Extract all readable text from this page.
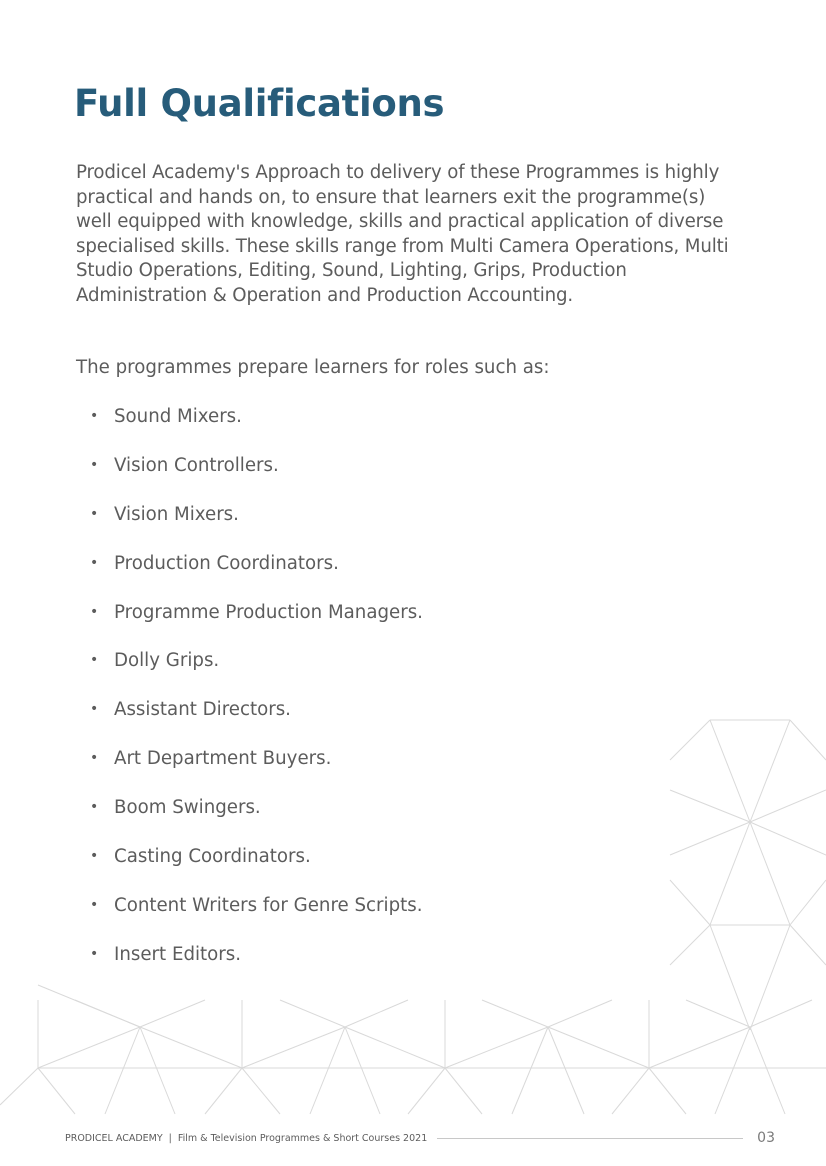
Full Qualifications

Prodicel Academy's Approach to delivery of these Programmes is highly practical and hands on, to ensure that learners exit the programme(s) well equipped with knowledge, skills and practical application of diverse specialised skills. These skills range from Multi Camera Operations, Multi Studio Operations, Editing, Sound, Lighting, Grips, Production Administration & Operation and Production Accounting.

The programmes prepare learners for roles such as:

• Sound Mixers.
• Vision Controllers.
• Vision Mixers.
• Production Coordinators.
• Programme Production Managers.
• Dolly Grips.
• Assistant Directors.
• Art Department Buyers.
• Boom Swingers.
• Casting Coordinators.
• Content Writers for Genre Scripts.
• Insert Editors.
PRODICEL ACADEMY | Film & Television Programmes & Short Courses 2021	03
